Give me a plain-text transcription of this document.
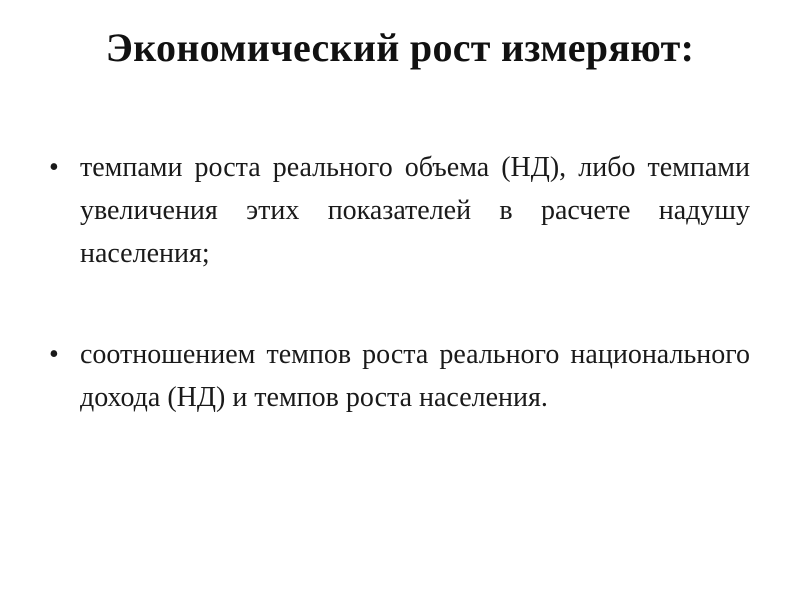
Экономический рост измеряют:
• темпами роста реального объема (НД), либо темпами увеличения этих показателей в расчете надушу населения;
• соотношением темпов роста реального национального дохода (НД) и темпов роста населения.
